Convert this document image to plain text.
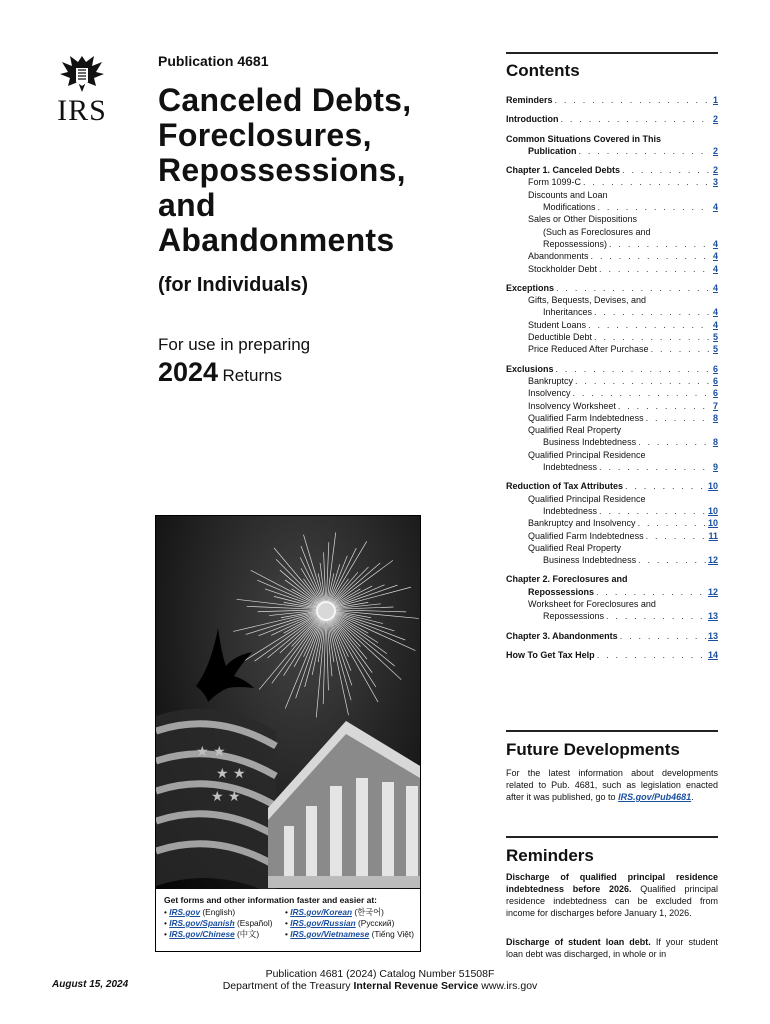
IRS
Publication 4681
Canceled Debts,
Foreclosures,
Repossessions,
and
Abandonments
(for Individuals)
For use in preparing
2024 Returns
★ ★
★ ★
★ ★
Get forms and other information faster and easier at:
• IRS.gov (English)
• IRS.gov/Spanish (Español)
• IRS.gov/Chinese (中文)
• IRS.gov/Korean (한국어)
• IRS.gov/Russian (Русский)
• IRS.gov/Vietnamese (Tiếng Việt)
August 15, 2024
Publication 4681 (2024) Catalog Number 51508F
Department of the Treasury Internal Revenue Service www.irs.gov
Contents
Reminders . . .	1
Introduction . . .	2
Common Situations Covered in This
Publication . . .	2
Chapter 1. Canceled Debts . . .	2
Form 1099-C . . .	3
Discounts and Loan
Modifications . . .	4
Sales or Other Dispositions
(Such as Foreclosures and
Repossessions) . . .	4
Abandonments . . .	4
Stockholder Debt . . .	4
Exceptions . . .	4
Gifts, Bequests, Devises, and
Inheritances . . .	4
Student Loans . . .	4
Deductible Debt . . .	5
Price Reduced After Purchase . . .	5
Exclusions . . .	6
Bankruptcy . . .	6
Insolvency . . .	6
Insolvency Worksheet . . .	7
Qualified Farm Indebtedness . . .	8
Qualified Real Property
Business Indebtedness . . .	8
Qualified Principal Residence
Indebtedness . . .	9
Reduction of Tax Attributes . . .	10
Qualified Principal Residence
Indebtedness . . .	10
Bankruptcy and Insolvency . . .	10
Qualified Farm Indebtedness . . .	11
Qualified Real Property
Business Indebtedness . . .	12
Chapter 2. Foreclosures and
Repossessions . . .	12
Worksheet for Foreclosures and
Repossessions . . .	13
Chapter 3. Abandonments . . .	13
How To Get Tax Help . . .	14
Future Developments
For the latest information about developments related to Pub. 4681, such as legislation enacted after it was published, go to IRS.gov/Pub4681.
Reminders
Discharge of qualified principal residence indebtedness before 2026. Qualified principal residence indebtedness can be excluded from income for discharges before January 1, 2026.
Discharge of student loan debt. If your student loan debt was discharged, in whole or in
